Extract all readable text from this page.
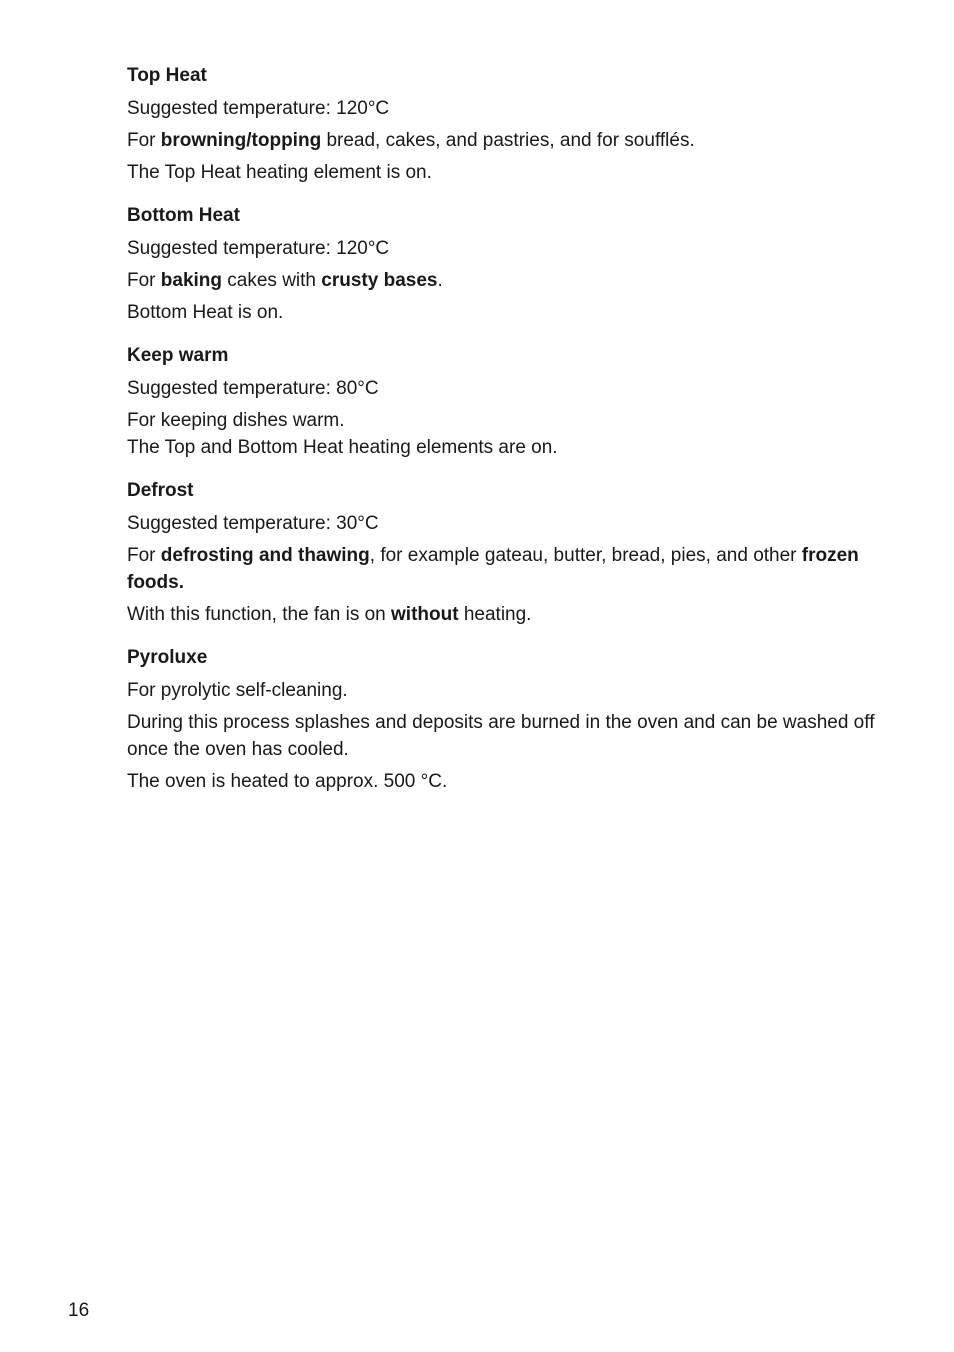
Top Heat

Suggested temperature: 120°C

For browning/topping bread, cakes, and pastries, and for soufflés.

The Top Heat heating element is on.

Bottom Heat

Suggested temperature: 120°C

For baking cakes with crusty bases.

Bottom Heat is on.

Keep warm

Suggested temperature: 80°C

For keeping dishes warm.
The Top and Bottom Heat heating elements are on.

Defrost

Suggested temperature: 30°C

For defrosting and thawing, for example gateau, butter, bread, pies, and other frozen foods.

With this function, the fan is on without heating.

Pyroluxe

For pyrolytic self-cleaning.

During this process splashes and deposits are burned in the oven and can be washed off once the oven has cooled.

The oven is heated to approx. 500 °C.

16
